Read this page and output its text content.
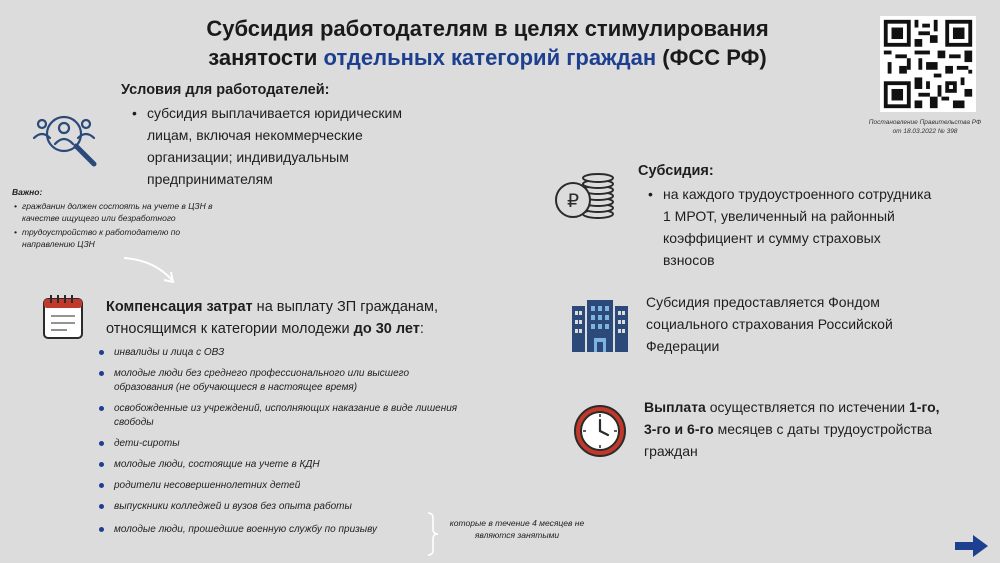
Субсидия работодателям в целях стимулирования
занятости отдельных категорий граждан (ФСС РФ)
Постановление Правительства РФ
от 18.03.2022 № 398
Условия для работодателей:
• субсидия выплачивается юридическим лицам, включая некоммерческие организации; индивидуальным предпринимателям
Важно:
• гражданин должен состоять на учете в ЦЗН в качестве ищущего или безработного
• трудоустройство к работодателю по направлению ЦЗН
Компенсация затрат на выплату ЗП гражданам, относящимся к категории молодежи до 30 лет:
инвалиды и лица с ОВЗ
молодые люди без среднего профессионального или высшего образования (не обучающиеся в настоящее время)
освобожденные из учреждений, исполняющих наказание в виде лишения свободы
дети-сироты
молодые люди, состоящие на учете в КДН
родители несовершеннолетних детей
выпускники колледжей и вузов без опыта работы
молодые люди, прошедшие военную службу по призыву
которые в течение 4 месяцев не являются занятыми
₽
Субсидия:
• на каждого трудоустроенного сотрудника 1 МРОТ, увеличенный на районный коэффициент и сумму страховых взносов
Субсидия предоставляется Фондом социального страхования Российской Федерации
Выплата осуществляется по истечении 1-го, 3-го и 6-го месяцев с даты трудоустройства граждан
